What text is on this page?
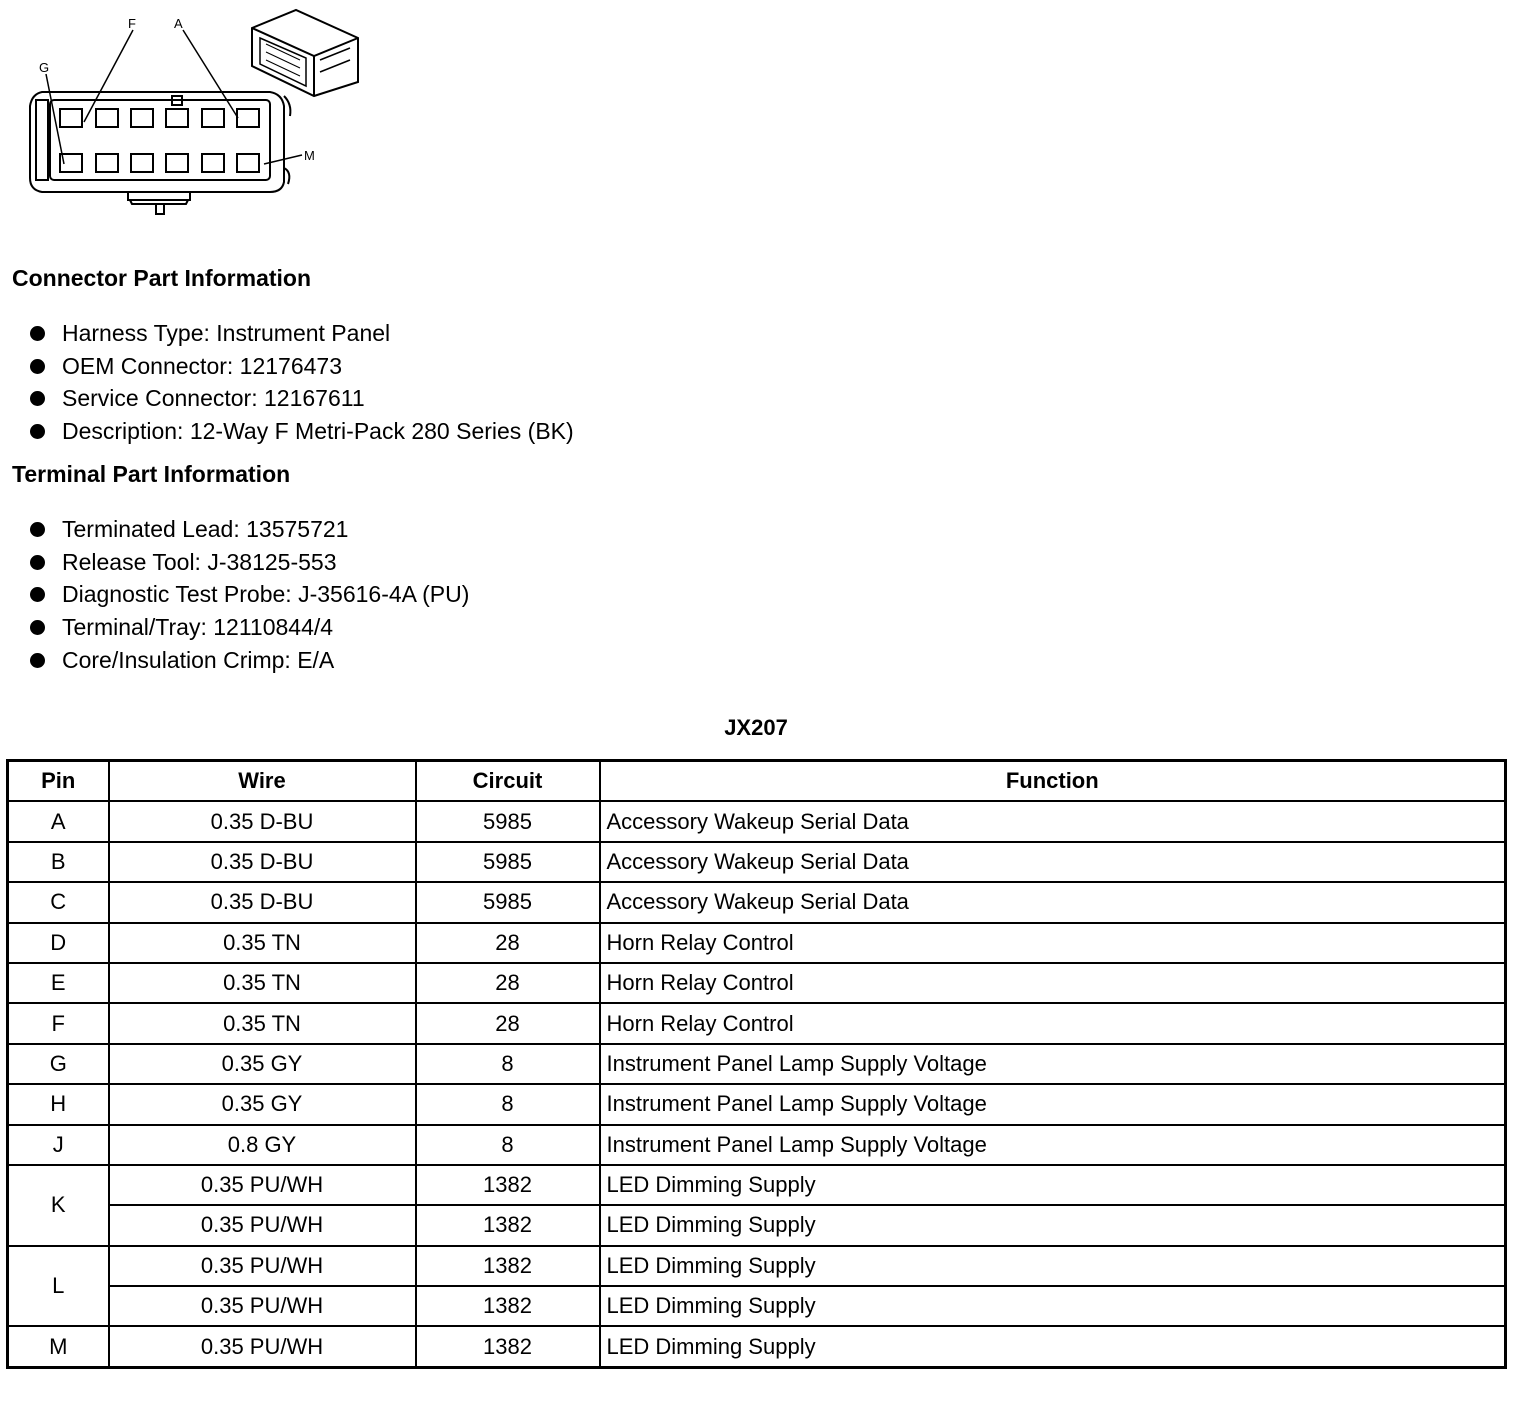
F	A
G
M
Connector Part Information
Harness Type: Instrument Panel
OEM Connector: 12176473
Service Connector: 12167611
Description: 12-Way F Metri-Pack 280 Series (BK)
Terminal Part Information
Terminated Lead: 13575721
Release Tool: J-38125-553
Diagnostic Test Probe: J-35616-4A (PU)
Terminal/Tray: 12110844/4
Core/Insulation Crimp: E/A
JX207
Pin	Wire	Circuit	Function
A	0.35 D-BU	5985	Accessory Wakeup Serial Data
B	0.35 D-BU	5985	Accessory Wakeup Serial Data
C	0.35 D-BU	5985	Accessory Wakeup Serial Data
D	0.35 TN	28	Horn Relay Control
E	0.35 TN	28	Horn Relay Control
F	0.35 TN	28	Horn Relay Control
G	0.35 GY	8	Instrument Panel Lamp Supply Voltage
H	0.35 GY	8	Instrument Panel Lamp Supply Voltage
J	0.8 GY	8	Instrument Panel Lamp Supply Voltage
K	0.35 PU/WH	1382	LED Dimming Supply
	0.35 PU/WH	1382	LED Dimming Supply
L	0.35 PU/WH	1382	LED Dimming Supply
	0.35 PU/WH	1382	LED Dimming Supply
M	0.35 PU/WH	1382	LED Dimming Supply
